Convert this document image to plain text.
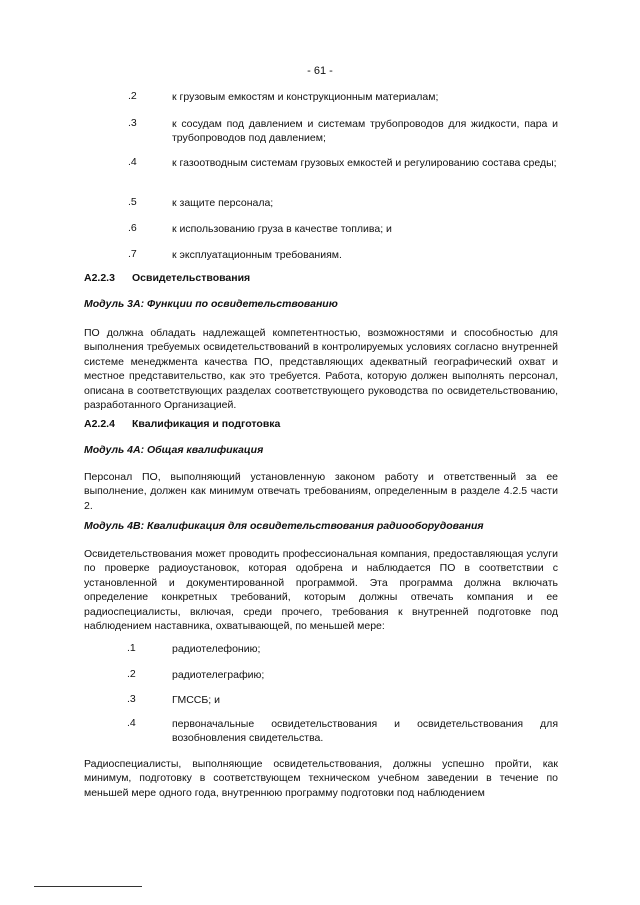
- 61 -
.2	к грузовым емкостям и конструкционным материалам;
.3	к сосудам под давлением и системам трубопроводов для жидкости, пара и трубопроводов под давлением;
.4	к газоотводным системам грузовых емкостей и регулированию состава среды;
.5	к защите персонала;
.6	к использованию груза в качестве топлива; и
.7	к эксплуатационным требованиям.
A2.2.3 Освидетельствования
Модуль 3A: Функции по освидетельствованию
ПО должна обладать надлежащей компетентностью, возможностями и способностью для выполнения требуемых освидетельствований в контролируемых условиях согласно внутренней системе менеджмента качества ПО, представляющих адекватный географический охват и местное представительство, как это требуется. Работа, которую должен выполнять персонал, описана в соответствующих разделах соответствующего руководства по освидетельствованию, разработанного Организацией.
A2.2.4 Квалификация и подготовка
Модуль 4A: Общая квалификация
Персонал ПО, выполняющий установленную законом работу и ответственный за ее выполнение, должен как минимум отвечать требованиям, определенным в разделе 4.2.5 части 2.
Модуль 4B: Квалификация для освидетельствования радиооборудования
Освидетельствования может проводить профессиональная компания, предоставляющая услуги по проверке радиоустановок, которая одобрена и наблюдается ПО в соответствии с установленной и документированной программой. Эта программа должна включать определение конкретных требований, которым должны отвечать компания и ее радиоспециалисты, включая, среди прочего, требования к внутренней подготовке под наблюдением наставника, охватывающей, по меньшей мере:
.1	радиотелефонию;
.2	радиотелеграфию;
.3	ГМССБ; и
.4	первоначальные освидетельствования и освидетельствования для возобновления свидетельства.
Радиоспециалисты, выполняющие освидетельствования, должны успешно пройти, как минимум, подготовку в соответствующем техническом учебном заведении в течение по меньшей мере одного года, внутреннюю программу подготовки под наблюдением
